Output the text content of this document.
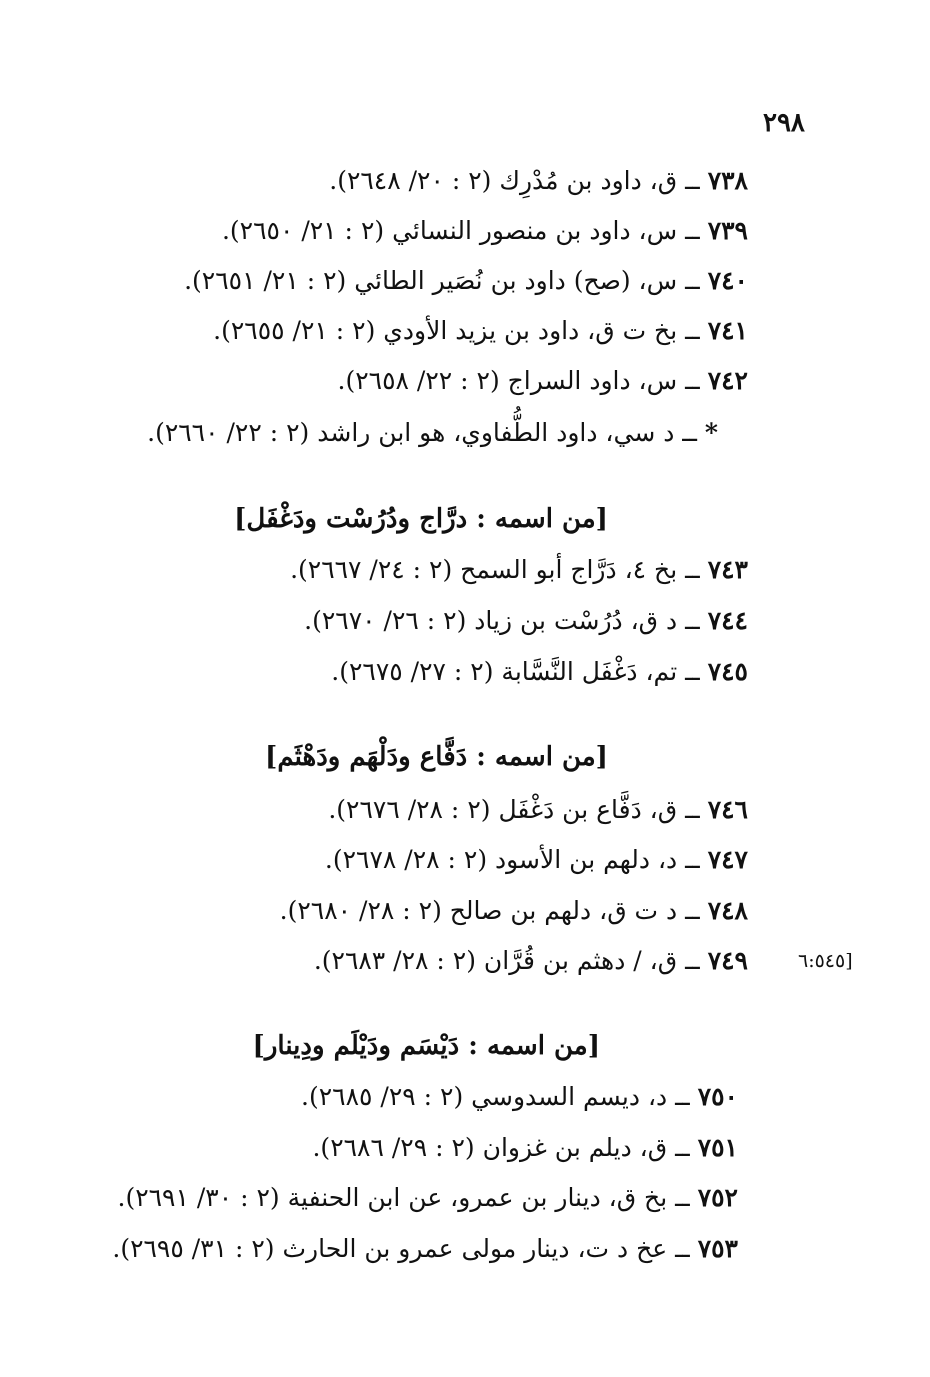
٢٩٨
٧٣٨ ــ ق، داود بن مُدْرِك (٢ : ٢٠/ ٢٦٤٨).
٧٣٩ ــ س، داود بن منصور النسائي (٢ : ٢١/ ٢٦٥٠).
٧٤٠ ــ س، (صح) داود بن نُصَير الطائي (٢ : ٢١/ ٢٦٥١).
٧٤١ ــ بخ ت ق، داود بن يزيد الأودي (٢ : ٢١/ ٢٦٥٥).
٧٤٢ ــ س، داود السراج (٢ : ٢٢/ ٢٦٥٨).
* ــ د سي، داود الطُّفاوي، هو ابن راشد (٢ : ٢٢/ ٢٦٦٠).
[من اسمه : درَّاج ودُرُسْت ودَغْفَل]
٧٤٣ ــ بخ ٤، دَرَّاج أبو السمح (٢ : ٢٤/ ٢٦٦٧).
٧٤٤ ــ د ق، دُرُسْت بن زياد (٢ : ٢٦/ ٢٦٧٠).
٧٤٥ ــ تم، دَغْفَل النَّسَّابة (٢ : ٢٧/ ٢٦٧٥).
[من اسمه : دَفَّاع ودَلْهَم ودَهْثَم]
٧٤٦ ــ ق، دَفَّاع بن دَغْفَل (٢ : ٢٨/ ٢٦٧٦).
٧٤٧ ــ د، دلهم بن الأسود (٢ : ٢٨/ ٢٦٧٨).
٧٤٨ ــ د ت ق، دلهم بن صالح (٢ : ٢٨/ ٢٦٨٠).
٧٤٩ ــ ق، / دهثم بن قُرَّان (٢ : ٢٨/ ٢٦٨٣).
[من اسمه : دَيْسَم ودَيْلَم ودِينار]
٧٥٠ ــ د، ديسم السدوسي (٢ : ٢٩/ ٢٦٨٥).
٧٥١ ــ ق، ديلم بن غزوان (٢ : ٢٩/ ٢٦٨٦).
٧٥٢ ــ بخ ق، دينار بن عمرو، عن ابن الحنفية (٢ : ٣٠/ ٢٦٩١).
٧٥٣ ــ عخ د ت، دينار مولى عمرو بن الحارث (٢ : ٣١/ ٢٦٩٥).
[٦:٥٤٥
